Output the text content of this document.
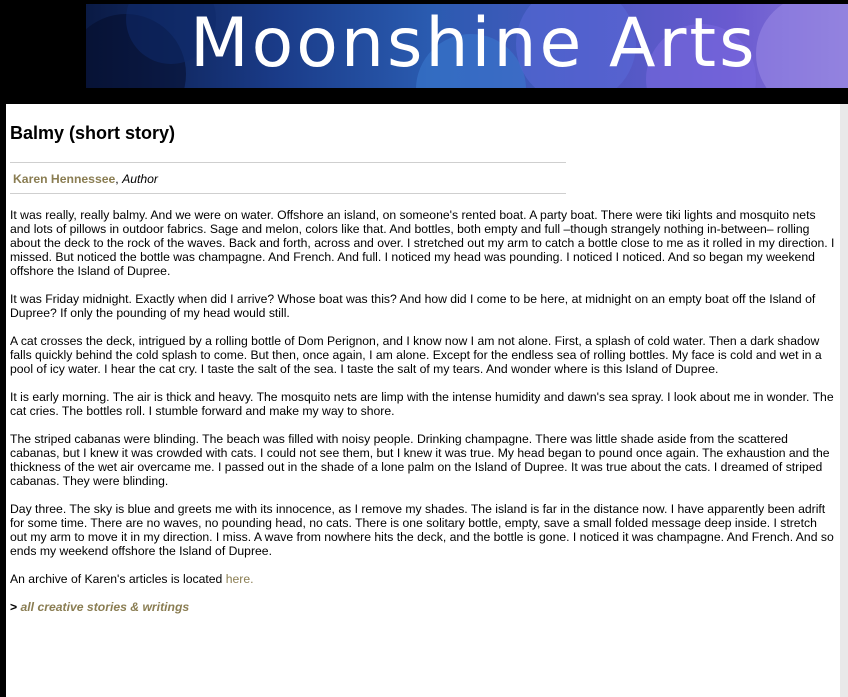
Moonshine Arts
Balmy (short story)
Karen Hennessee, Author

It was really, really balmy. And we were on water. Offshore an island, on someone's rented boat. A party boat. There were tiki lights and mosquito nets and lots of pillows in outdoor fabrics. Sage and melon, colors like that. And bottles, both empty and full –though strangely nothing in-between– rolling about the deck to the rock of the waves. Back and forth, across and over. I stretched out my arm to catch a bottle close to me as it rolled in my direction. I missed. But noticed the bottle was champagne. And French. And full. I noticed my head was pounding. I noticed I noticed. And so began my weekend offshore the Island of Dupree.

It was Friday midnight. Exactly when did I arrive? Whose boat was this? And how did I come to be here, at midnight on an empty boat off the Island of Dupree? If only the pounding of my head would still.

A cat crosses the deck, intrigued by a rolling bottle of Dom Perignon, and I know now I am not alone. First, a splash of cold water. Then a dark shadow falls quickly behind the cold splash to come. But then, once again, I am alone. Except for the endless sea of rolling bottles. My face is cold and wet in a pool of icy water. I hear the cat cry. I taste the salt of the sea. I taste the salt of my tears. And wonder where is this Island of Dupree.

It is early morning. The air is thick and heavy. The mosquito nets are limp with the intense humidity and dawn's sea spray. I look about me in wonder. The cat cries. The bottles roll. I stumble forward and make my way to shore.

The striped cabanas were blinding. The beach was filled with noisy people. Drinking champagne. There was little shade aside from the scattered cabanas, but I knew it was crowded with cats. I could not see them, but I knew it was true. My head began to pound once again. The exhaustion and the thickness of the wet air overcame me. I passed out in the shade of a lone palm on the Island of Dupree. It was true about the cats. I dreamed of striped cabanas. They were blinding.

Day three. The sky is blue and greets me with its innocence, as I remove my shades. The island is far in the distance now. I have apparently been adrift for some time. There are no waves, no pounding head, no cats. There is one solitary bottle, empty, save a small folded message deep inside. I stretch out my arm to move it in my direction. I miss. A wave from nowhere hits the deck, and the bottle is gone. I noticed it was champagne. And French. And so ends my weekend offshore the Island of Dupree.

An archive of Karen's articles is located here.

> all creative stories & writings
